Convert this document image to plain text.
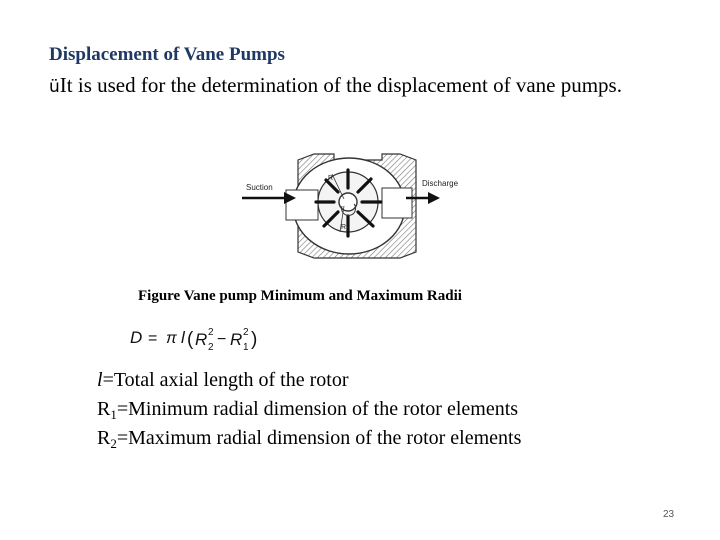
Displacement of Vane Pumps
üIt is used for the determination of the displacement of vane pumps.
R
$R_2$
Suction	Discharge
Figure Vane pump Minimum and Maximum Radii
D = π l ( R 2
2 − R 2
1 )
l=Total axial length of the rotor
$R_1=Minimum$ radial dimension of the rotor elements
$R_2=Maximum$ radial dimension of the rotor elements
23
